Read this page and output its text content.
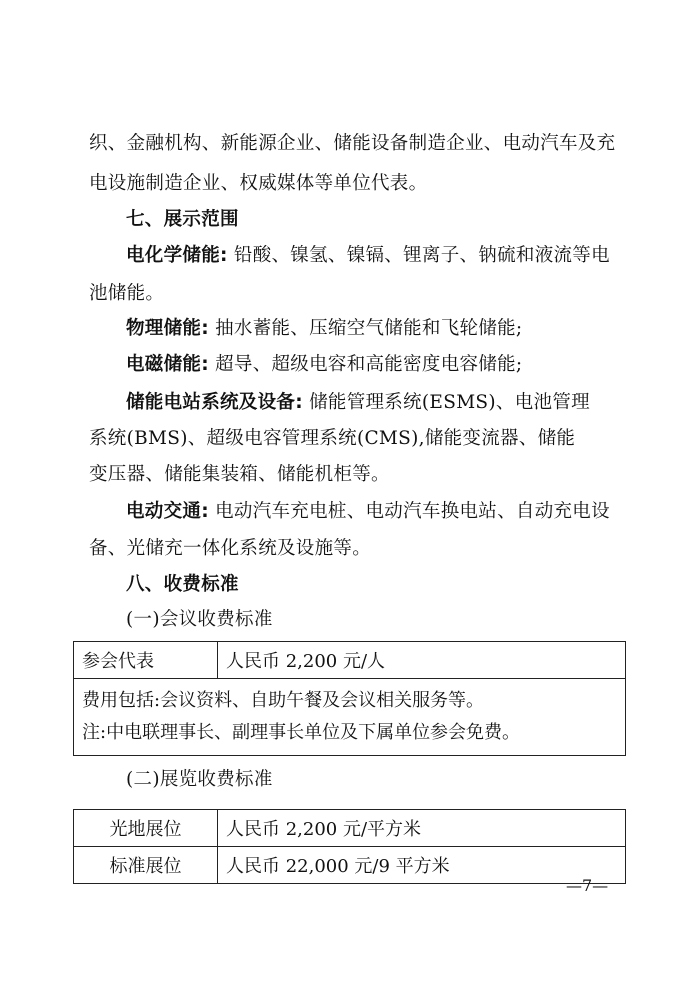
织、金融机构、新能源企业、储能设备制造企业、电动汽车及充
电设施制造企业、权威媒体等单位代表。
七、展示范围
电化学储能: 铅酸、镍氢、镍镉、锂离子、钠硫和液流等电
池储能。
物理储能: 抽水蓄能、压缩空气储能和飞轮储能;
电磁储能: 超导、超级电容和高能密度电容储能;
储能电站系统及设备: 储能管理系统(ESMS)、电池管理
系统(BMS)、超级电容管理系统(CMS),储能变流器、储能
变压器、储能集装箱、储能机柜等。
电动交通: 电动汽车充电桩、电动汽车换电站、自动充电设
备、光储充一体化系统及设施等。
八、收费标准
(一)会议收费标准
参会代表	人民币 2,200 元/人

费用包括:会议资料、自助午餐及会议相关服务等。
注:中电联理事长、副理事长单位及下属单位参会免费。
(二)展览收费标准
光地展位	人民币 2,200 元/平方米
标准展位	人民币 22,000 元/9 平方米
—7—
